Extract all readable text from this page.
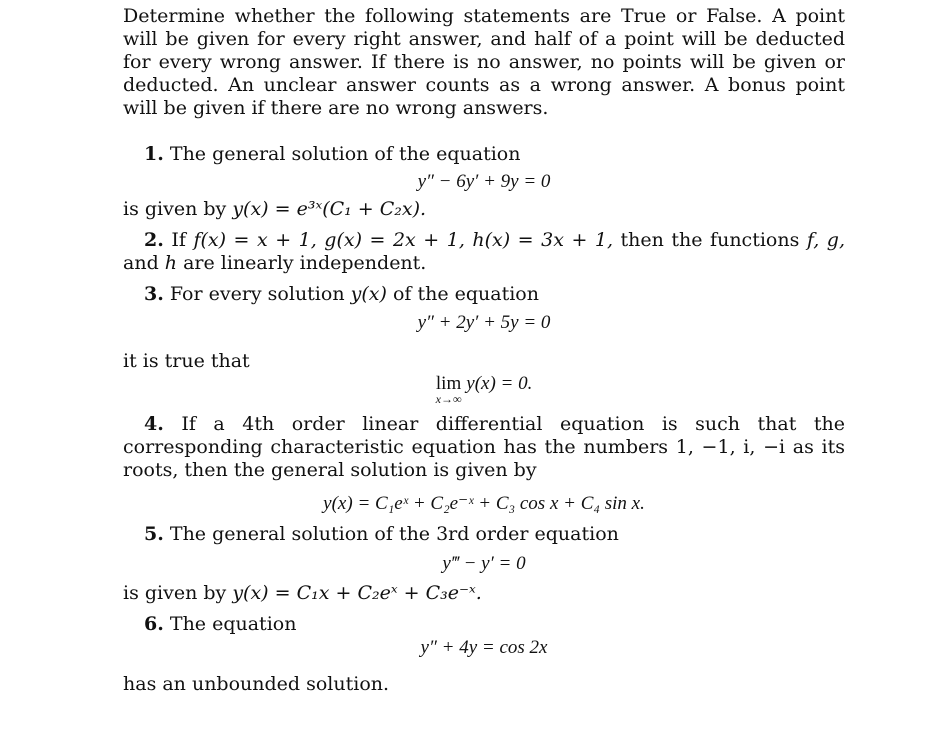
Determine whether the following statements are True or False. A point will be given for every right answer, and half of a point will be deducted for every wrong answer. If there is no answer, no points will be given or deducted. An unclear answer counts as a wrong answer. A bonus point will be given if there are no wrong answers.

1. The general solution of the equation

y″ − 6y′ + 9y = 0

is given by y(x) = e³ˣ(C₁ + C₂x).

2. If f(x) = x + 1, g(x) = 2x + 1, h(x) = 3x + 1, then the functions f, g, and h are linearly independent.

3. For every solution y(x) of the equation

y″ + 2y′ + 5y = 0

it is true that

lim
x→∞
y(x) = 0.

4. If a 4th order linear differential equation is such that the corresponding characteristic equation has the numbers 1, −1, i, −i as its roots, then the general solution is given by

y(x) = C₁eˣ + C₂e⁻ˣ + C₃ cos x + C₄ sin x.

5. The general solution of the 3rd order equation

y‴ − y′ = 0

is given by y(x) = C₁x + C₂eˣ + C₃e⁻ˣ.

6. The equation

y″ + 4y = cos 2x

has an unbounded solution.
